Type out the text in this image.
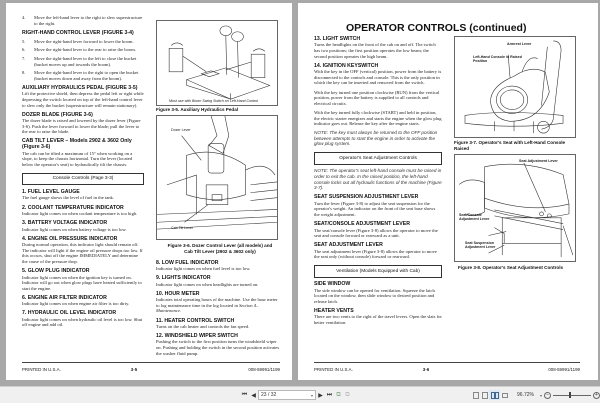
4.	Move the left-hand lever to the right to slew superstructure to the right.
RIGHT-HAND CONTROL LEVER (FIGURE 3-4)
5.	Move the right-hand lever forward to lower the boom.
6.	Move the right-hand lever to the rear to raise the boom.
7.	Move the right-hand lever to the left to close the bucket (bucket moves up and towards the boom).
8.	Move the right-hand lever to the right to open the bucket (bucket moves down and away from the boom).
AUXILIARY HYDRAULICS PEDAL (FIGURE 3-5)
Lift the protective shield, then depress the pedal left or right while depressing the switch located on top of the left-hand control lever to slew only the bucket (superstructure will remain stationary).
DOZER BLADE (FIGURE 3-6)
The dozer blade is raised and lowered by the dozer lever (Figure 3-6). Push the lever forward to lower the blade; pull the lever to the rear to raise the blade.
CAB TILT LEVER – Models 2902 & 3602 Only (Figure 3-6)
The cab can be tilted a maximum of 15° when working on a slope, to keep the chassis horizontal. Turn the lever (located below the operator's seat) to hydraulically tilt the chassis.
Console Controls (Page 3-3)
1. FUEL LEVEL GAUGE
The fuel gauge shows the level of fuel in the tank.
2. COOLANT TEMPERATURE INDICATOR
Indicator light comes on when coolant temperature is too high.
3. BATTERY VOLTAGE INDICATOR
Indicator light comes on when battery voltage is too low.
4. ENGINE OIL PRESSURE INDICATOR
During normal operation, this indicator light should remain off. The indicator will light if the engine oil pressure drops too low. If this occurs, shut off the engine IMMEDIATELY and determine the cause of the pressure drop.
5. GLOW PLUG INDICATOR
Indicator light comes on when the ignition key is turned on. Indicator will go out when glow plugs have heated sufficiently to start the engine.
6. ENGINE AIR FILTER INDICATOR
Indicator light comes on when engine air filter is too dirty.
7. HYDRAULIC OIL LEVEL INDICATOR
Indicator light comes on when hydraulic oil level is too low. Shut off engine and add oil.
Must use with Boom Swing Switch on Left-Hand Control
Figure 3-5. Auxiliary Hydraulics Pedal
Dozer Lever
Cab Tilt Lever
Figure 3-6. Dozer Control Lever (all models) and Cab Tilt Lever (2902 & 3602 only)
8. LOW FUEL INDICATOR
Indicator light comes on when fuel level is too low.
9. LIGHTS INDICATOR
Indicator light comes on when headlights are turned on.
10. HOUR METER
Indicates total operating hours of the machine. Use the hour meter to log maintenance time in the log located in Section 4–Maintenance.
11. HEATER CONTROL SWITCH
Turns on the cab heater and controls the fan speed.
12. WINDSHIELD WIPER SWITCH
Pushing the switch to the first position turns the windshield wiper on. Pushing and holding the switch in the second position activates the washer fluid pump.
PRINTED IN U.S.A.	3-5	008-59991/1199
OPERATOR CONTROLS (continued)
13. LIGHT SWITCH
Turns the headlights on the front of the cab on and off. The switch has two positions; the first position operates the low beam; the second position operates the high beam.
14. IGNITION KEYSWITCH
With the key in the OFF (vertical) position, power from the battery is disconnected to the controls and console. This is the only position in which the key can be inserted and removed from the switch.
With the key turned one position clockwise (RUN) from the vertical position, power from the battery is supplied to all controls and electrical circuits.
With the key turned fully clockwise (START) and held in position, the electric starter energizes and starts the engine when the glow plug indicator goes out. Release the key after the engine starts.
NOTE: The key must always be returned to the OFF position between attempts to start the engine in order to activate the glow plug system.
Operator's Seat Adjustment Controls
NOTE: The operator's seat left-hand console must be raised in order to exit the cab. In the raised position, the left-hand console locks out all hydraulic functions of the machine (Figure 3-7).
SEAT SUSPENSION ADJUSTMENT LEVER
Turn the lever (Figure 3-8) to adjust the seat suspension for the operator's weight. An indicator on the front of the seat base shows the weight adjustment.
SEAT/CONSOLE ADJUSTMENT LEVER
The seat/console lever (Figure 3-8) allows the operator to move the seat and console forward or rearward as a unit.
SEAT ADJUSTMENT LEVER
The seat adjustment lever (Figure 3-8) allows the operator to move the seat only (without console) forward or rearward.
Ventilation (Models Equipped with Cab)
SIDE WINDOW
The side window can be opened for ventilation. Squeeze the latch located on the window, then slide window to desired position and release latch.
HEATER VENTS
There are two vents to the right of the travel levers. Open the slats for better ventilation.
Armrest Lever
Left-Hand Console in Raised Position
Figure 3-7. Operator's Seat with Left-Hand Console Raised
Seat Adjustment Lever
Seat/Console Adjustment Lever
Seat Suspension Adjustment Lever
Figure 3-8. Operator's Seat Adjustment Controls
PRINTED IN U.S.A.	3-6	008-59991/1199
⏮ ◀	23 / 32	▾ ▶ ⏭ ⧉ ⧉	96.72% ▾ −	+
